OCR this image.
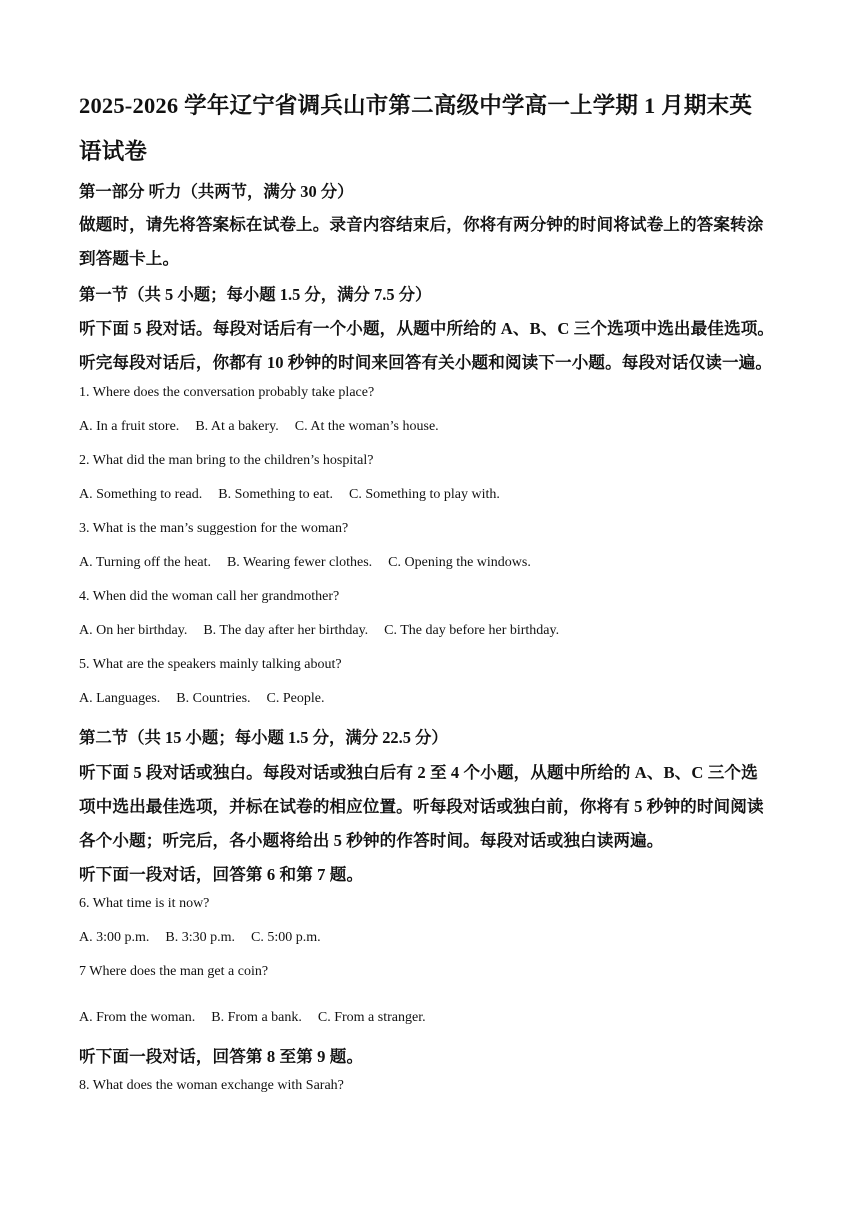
2025-2026 学年辽宁省调兵山市第二高级中学高一上学期 1 月期末英
语试卷
第一部分 听力（共两节，满分 30 分）
做题时，请先将答案标在试卷上。录音内容结束后，你将有两分钟的时间将试卷上的答案转涂
到答题卡上。
第一节（共 5 小题；每小题 1.5 分，满分 7.5 分）
听下面 5 段对话。每段对话后有一个小题，从题中所给的 A、B、C 三个选项中选出最佳选项。
听完每段对话后，你都有 10 秒钟的时间来回答有关小题和阅读下一小题。每段对话仅读一遍。
1. Where does the conversation probably take place?
A. In a fruit store. B. At a bakery. C. At the woman’s house.
2. What did the man bring to the children’s hospital?
A. Something to read. B. Something to eat. C. Something to play with.
3. What is the man’s suggestion for the woman?
A. Turning off the heat. B. Wearing fewer clothes. C. Opening the windows.
4. When did the woman call her grandmother?
A. On her birthday. B. The day after her birthday. C. The day before her birthday.
5. What are the speakers mainly talking about?
A. Languages. B. Countries. C. People.
第二节（共 15 小题；每小题 1.5 分，满分 22.5 分）
听下面 5 段对话或独白。每段对话或独白后有 2 至 4 个小题，从题中所给的 A、B、C 三个选
项中选出最佳选项，并标在试卷的相应位置。听每段对话或独白前，你将有 5 秒钟的时间阅读
各个小题；听完后，各小题将给出 5 秒钟的作答时间。每段对话或独白读两遍。
听下面一段对话，回答第 6 和第 7 题。
6. What time is it now?
A. 3:00 p.m. B. 3:30 p.m. C. 5:00 p.m.
7 Where does the man get a coin?
A. From the woman. B. From a bank. C. From a stranger.
听下面一段对话，回答第 8 至第 9 题。
8. What does the woman exchange with Sarah?
